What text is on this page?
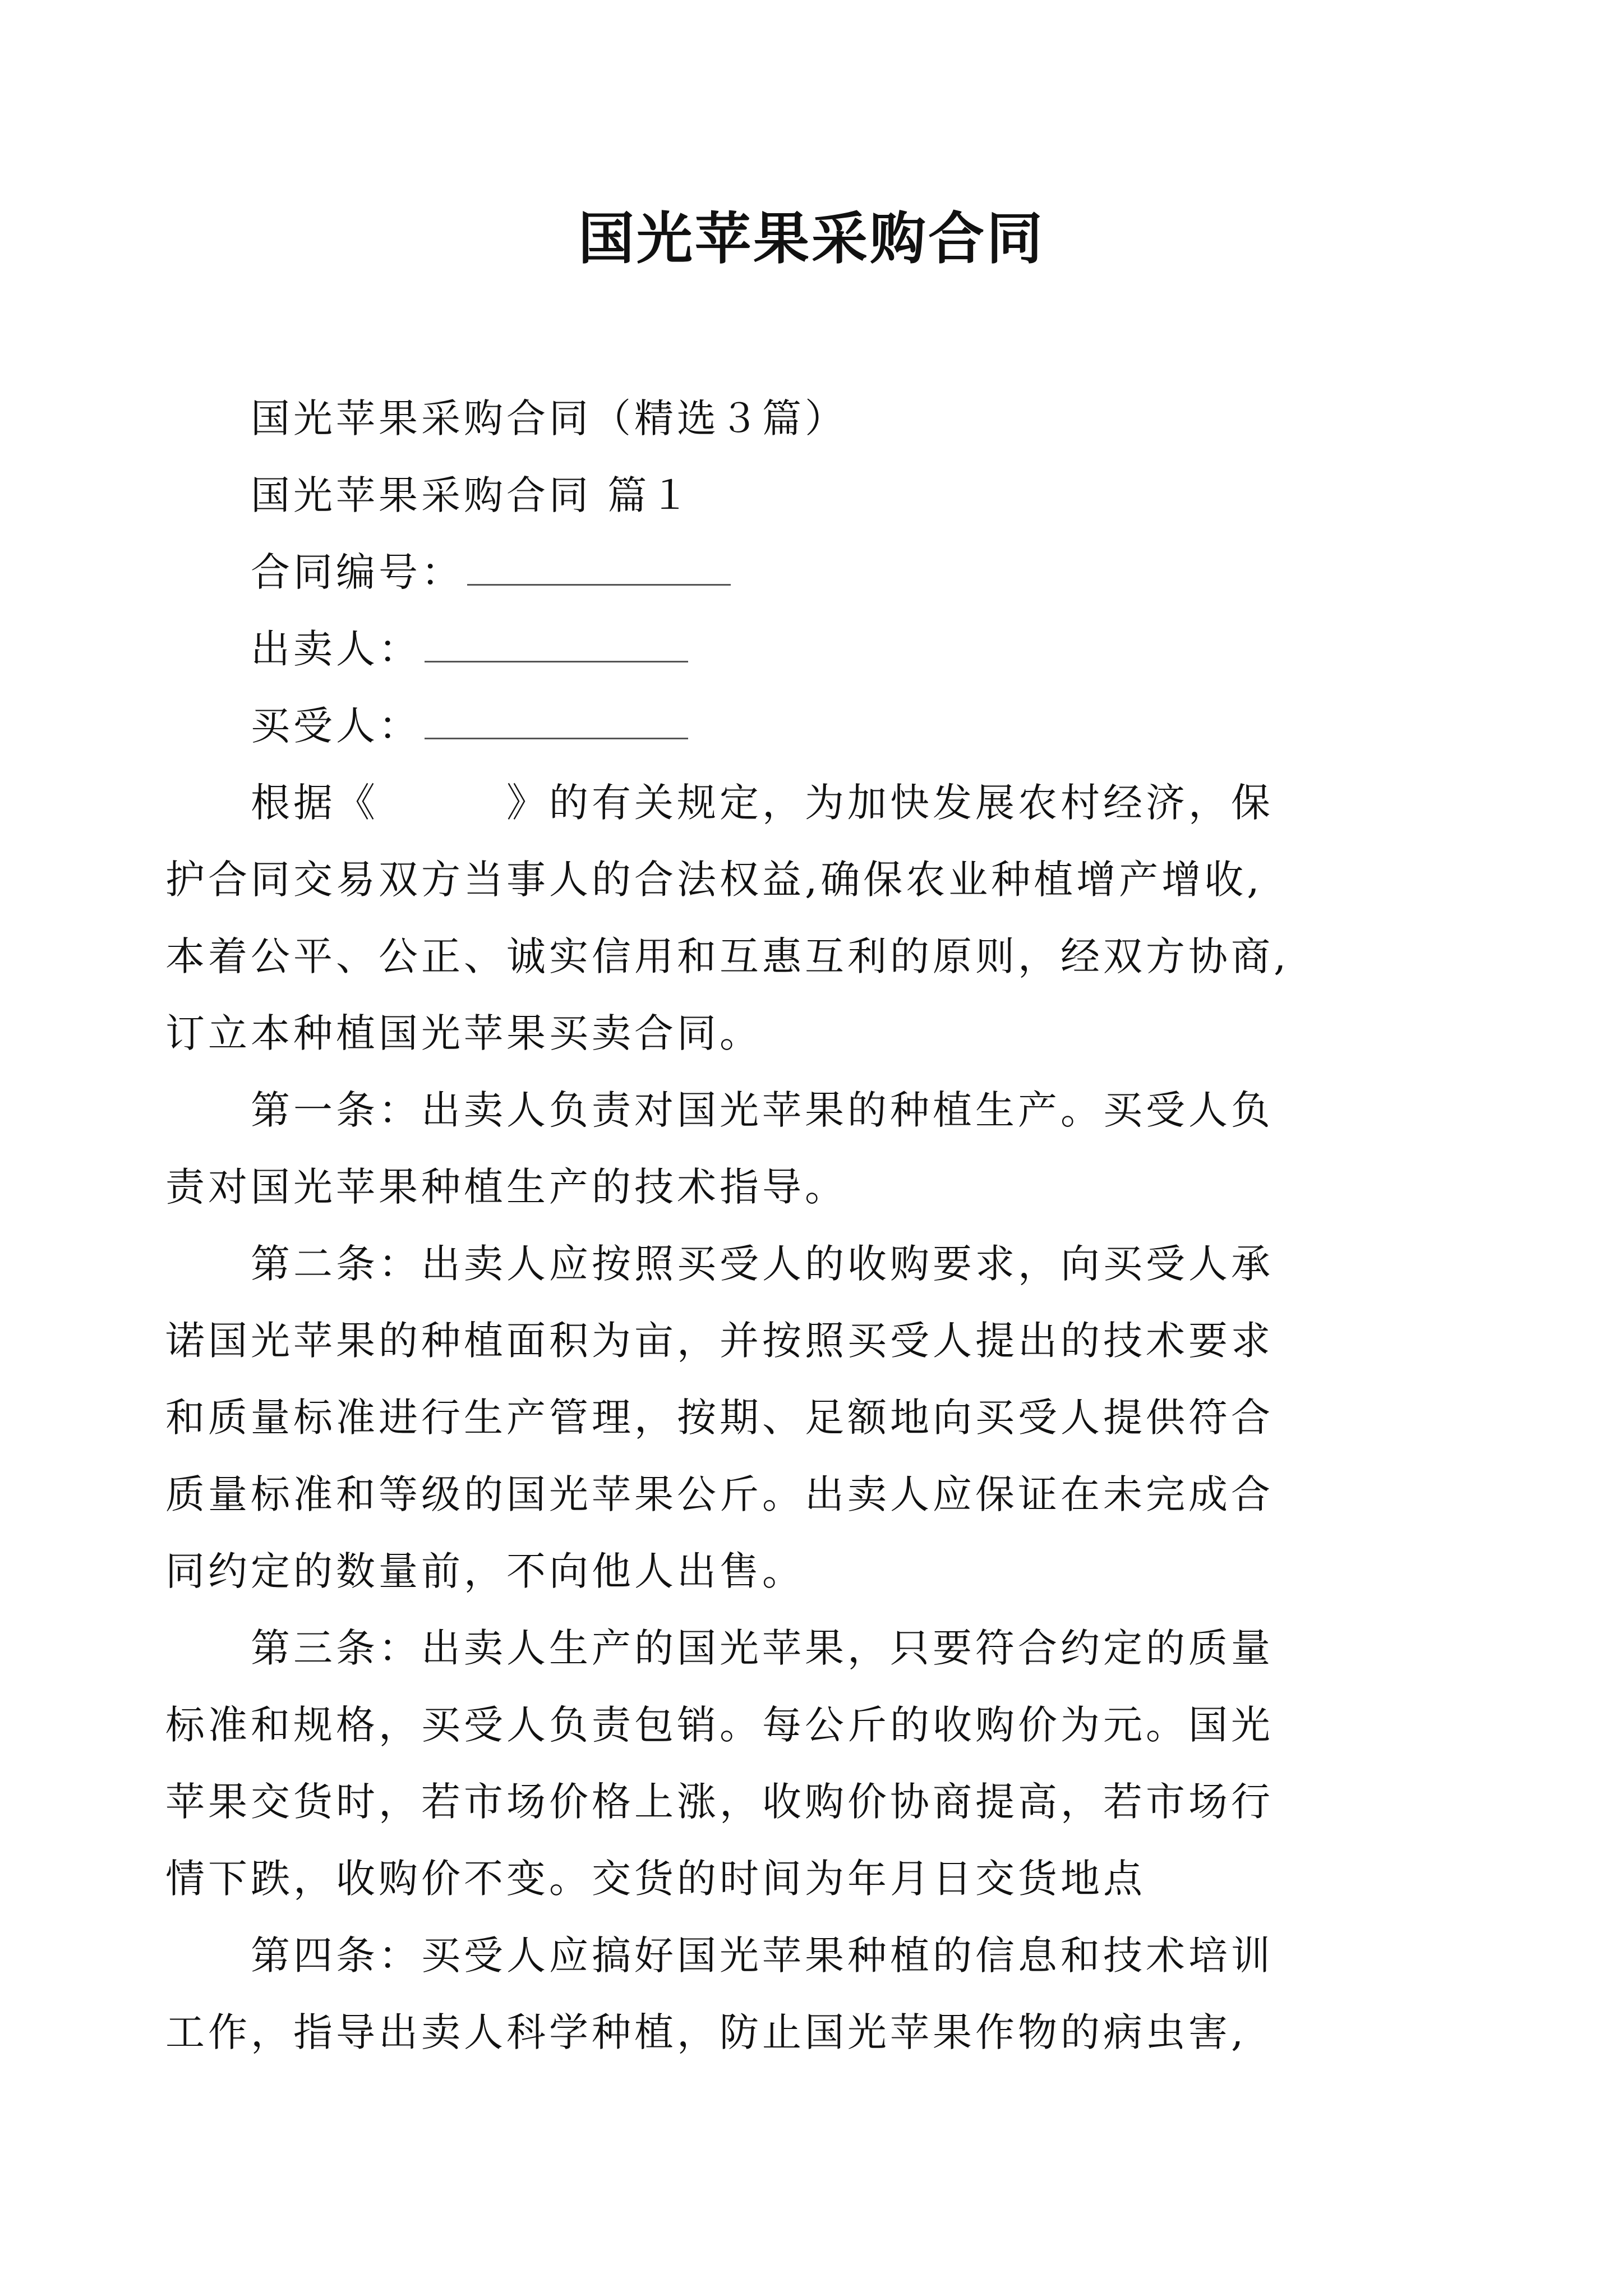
国光苹果采购合同
国光苹果采购合同（精选３篇）
国光苹果采购合同 篇１
合同编号：
出卖人：
买受人：
根据《　　　》的有关规定，为加快发展农村经济，保
护合同交易双方当事人的合法权益,确保农业种植增产增收,
本着公平、公正、诚实信用和互惠互利的原则，经双方协商,
订立本种植国光苹果买卖合同。
第一条：出卖人负责对国光苹果的种植生产。买受人负
责对国光苹果种植生产的技术指导。
第二条：出卖人应按照买受人的收购要求，向买受人承
诺国光苹果的种植面积为亩，并按照买受人提出的技术要求
和质量标准进行生产管理，按期、足额地向买受人提供符合
质量标准和等级的国光苹果公斤。出卖人应保证在未完成合
同约定的数量前，不向他人出售。
第三条：出卖人生产的国光苹果，只要符合约定的质量
标准和规格，买受人负责包销。每公斤的收购价为元。国光
苹果交货时，若市场价格上涨，收购价协商提高，若市场行
情下跌，收购价不变。交货的时间为年月日交货地点
第四条：买受人应搞好国光苹果种植的信息和技术培训
工作，指导出卖人科学种植，防止国光苹果作物的病虫害,
